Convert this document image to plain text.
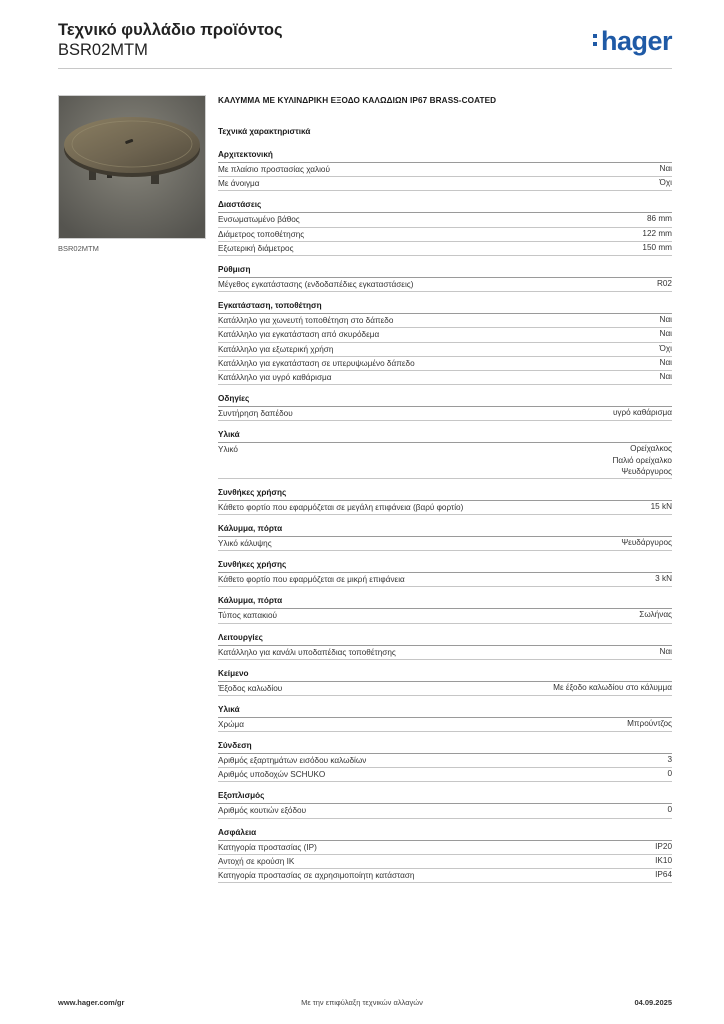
Τεχνικό φυλλάδιο προϊόντος
BSR02MTM	hager
BSR02MTM
ΚΑΛΥΜΜΑ ΜΕ ΚΥΛΙΝΔΡΙΚΗ ΕΞΟΔΟ ΚΑΛΩΔΙΩΝ IP67 BRASS-COATED
Τεχνικά χαρακτηριστικά
Αρχιτεκτονική
Με πλαίσιο προστασίας χαλιού	Ναι
Με άνοιγμα	Όχι
Διαστάσεις
Ενσωματωμένο βάθος	86 mm
Διάμετρος τοποθέτησης	122 mm
Εξωτερική διάμετρος	150 mm
Ρύθμιση
Μέγεθος εγκατάστασης (ενδοδαπέδιες εγκαταστάσεις)	R02
Εγκατάσταση, τοποθέτηση
Κατάλληλο για χωνευτή τοποθέτηση στο δάπεδο	Ναι
Κατάλληλο για εγκατάσταση από σκυρόδεμα	Ναι
Κατάλληλο για εξωτερική χρήση	Όχι
Κατάλληλο για εγκατάσταση σε υπερυψωμένο δάπεδο	Ναι
Κατάλληλο για υγρό καθάρισμα	Ναι
Οδηγίες
Συντήρηση δαπέδου	υγρό καθάρισμα
Υλικά
Υλικό	Ορείχαλκος
Παλιό ορείχαλκο
Ψευδάργυρος
Συνθήκες χρήσης
Κάθετο φορτίο που εφαρμόζεται σε μεγάλη επιφάνεια (βαρύ φορτίο)	15 kN
Κάλυμμα, πόρτα
Υλικό κάλυψης	Ψευδάργυρος
Συνθήκες χρήσης
Κάθετο φορτίο που εφαρμόζεται σε μικρή επιφάνεια	3 kN
Κάλυμμα, πόρτα
Τύπος καπακιού	Σωλήνας
Λειτουργίες
Κατάλληλο για κανάλι υποδαπέδιας τοποθέτησης	Ναι
Κείμενο
Έξοδος καλωδίου	Με έξοδο καλωδίου στο κάλυμμα
Υλικά
Χρώμα	Μπρούντζος
Σύνδεση
Αριθμός εξαρτημάτων εισόδου καλωδίων	3
Αριθμός υποδοχών SCHUKO	0
Εξοπλισμός
Αριθμός κουτιών εξόδου	0
Ασφάλεια
Κατηγορία προστασίας (IP)	IP20
Αντοχή σε κρούση IK	IK10
Κατηγορία προστασίας σε αχρησιμοποίητη κατάσταση	IP64
www.hager.com/gr	Με την επιφύλαξη τεχνικών αλλαγών	04.09.2025
